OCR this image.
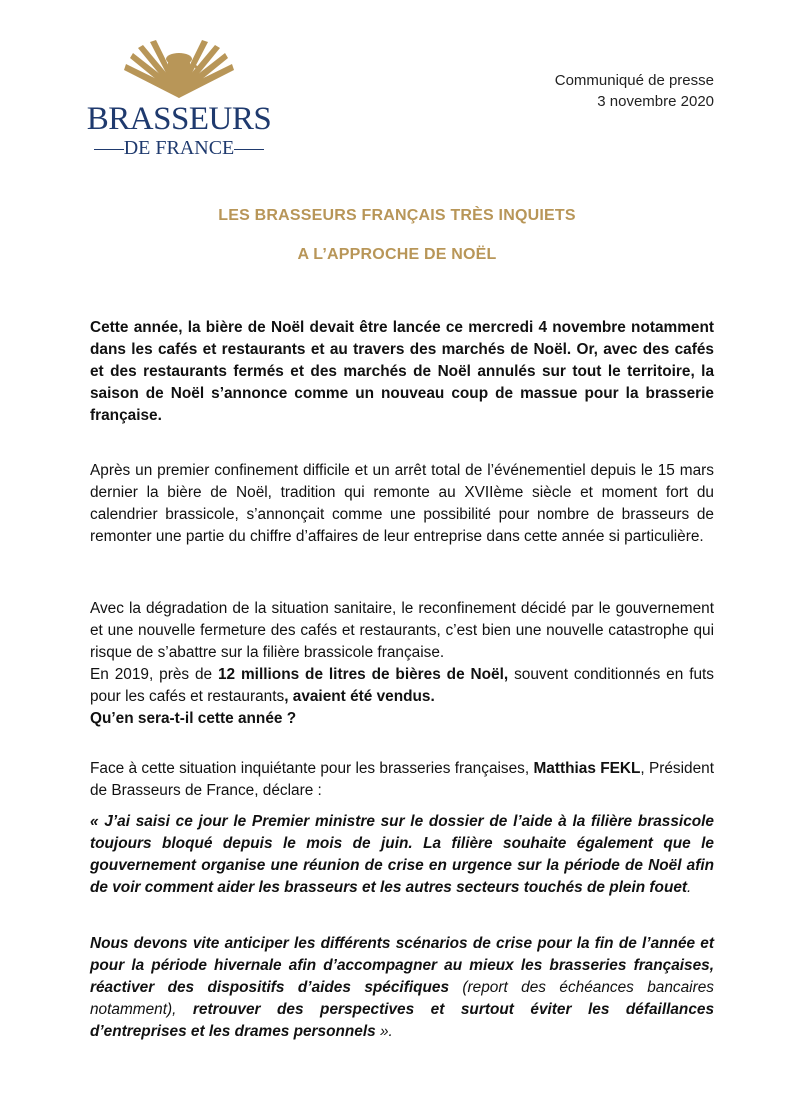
BRASSEURS
DE FRANCE
Communiqué de presse
3 novembre 2020
LES BRASSEURS FRANÇAIS TRÈS INQUIETS
A L’APPROCHE DE NOËL

Cette année, la bière de Noël devait être lancée ce mercredi 4 novembre notamment dans les cafés et restaurants et au travers des marchés de Noël. Or, avec des cafés et des restaurants fermés et des marchés de Noël annulés sur tout le territoire, la saison de Noël s’annonce comme un nouveau coup de massue pour la brasserie française.

Après un premier confinement difficile et un arrêt total de l’événementiel depuis le 15 mars dernier la bière de Noël, tradition qui remonte au XVIIème siècle et moment fort du calendrier brassicole, s’annonçait comme une possibilité pour nombre de brasseurs de remonter une partie du chiffre d’affaires de leur entreprise dans cette année si particulière.

Avec la dégradation de la situation sanitaire, le reconfinement décidé par le gouvernement et une nouvelle fermeture des cafés et restaurants, c’est bien une nouvelle catastrophe qui risque de s’abattre sur la filière brassicole française.

En 2019, près de 12 millions de litres de bières de Noël, souvent conditionnés en futs pour les cafés et restaurants, avaient été vendus.

Qu’en sera-t-il cette année ?

Face à cette situation inquiétante pour les brasseries françaises, Matthias FEKL, Président de Brasseurs de France, déclare :

« J’ai saisi ce jour le Premier ministre sur le dossier de l’aide à la filière brassicole toujours bloqué depuis le mois de juin. La filière souhaite également que le gouvernement organise une réunion de crise en urgence sur la période de Noël afin de voir comment aider les brasseurs et les autres secteurs touchés de plein fouet.

Nous devons vite anticiper les différents scénarios de crise pour la fin de l’année et pour la période hivernale afin d’accompagner au mieux les brasseries françaises, réactiver des dispositifs d’aides spécifiques (report des échéances bancaires notamment), retrouver des perspectives et surtout éviter les défaillances d’entreprises et les drames personnels ».
